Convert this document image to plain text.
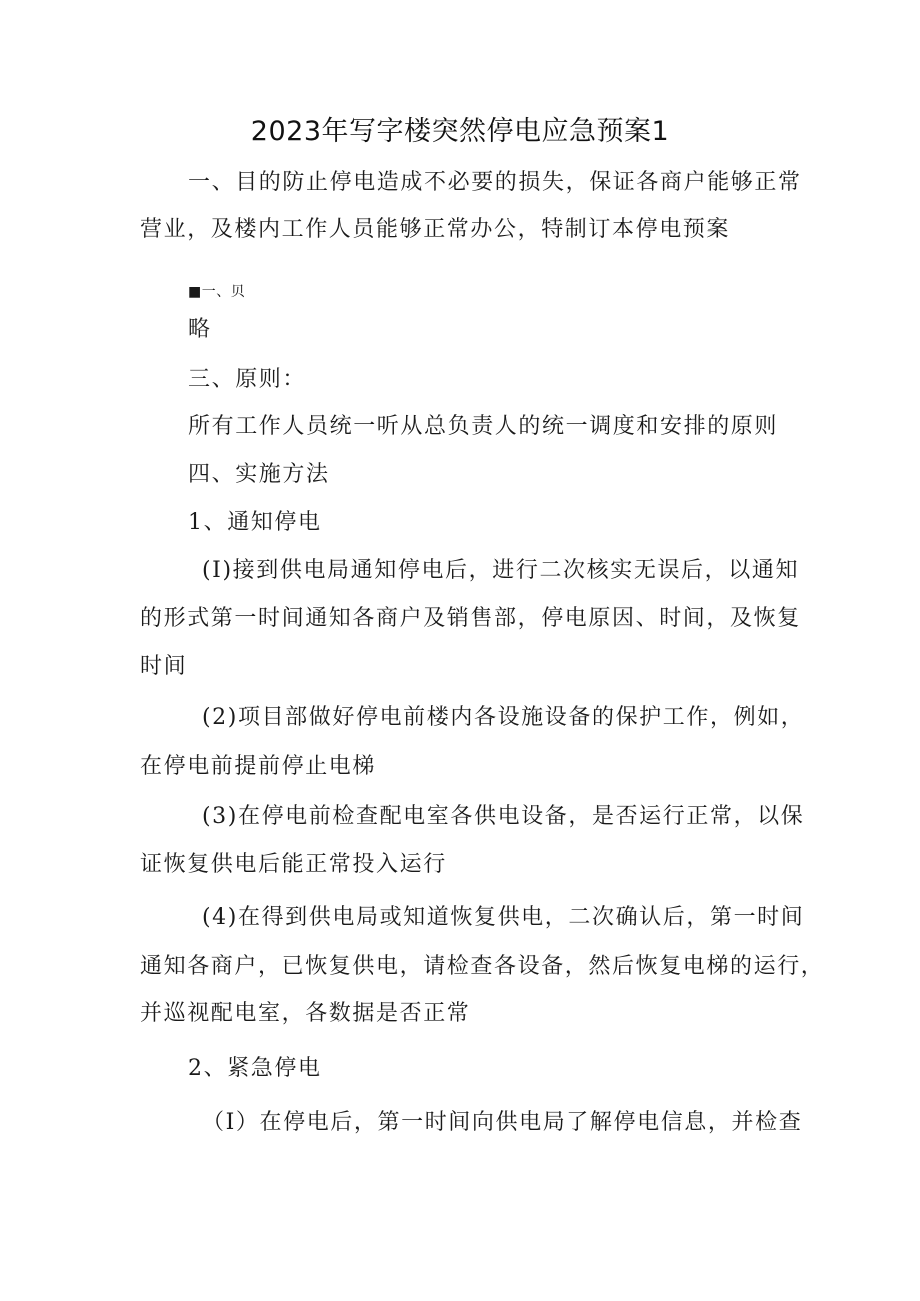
2023年写字楼突然停电应急预案1
一、目的防止停电造成不必要的损失，保证各商户能够正常
营业，及楼内工作人员能够正常办公，特制订本停电预案
■一、贝
略
三、原则：
所有工作人员统一听从总负责人的统一调度和安排的原则
四、实施方法
1、通知停电
(I)接到供电局通知停电后，进行二次核实无误后，以通知
的形式第一时间通知各商户及销售部，停电原因、时间，及恢复
时间
(2)项目部做好停电前楼内各设施设备的保护工作，例如，
在停电前提前停止电梯
(3)在停电前检查配电室各供电设备，是否运行正常，以保
证恢复供电后能正常投入运行
(4)在得到供电局或知道恢复供电，二次确认后，第一时间
通知各商户，已恢复供电，请检查各设备，然后恢复电梯的运行，
并巡视配电室，各数据是否正常
2、紧急停电
（I）在停电后，第一时间向供电局了解停电信息，并检查
